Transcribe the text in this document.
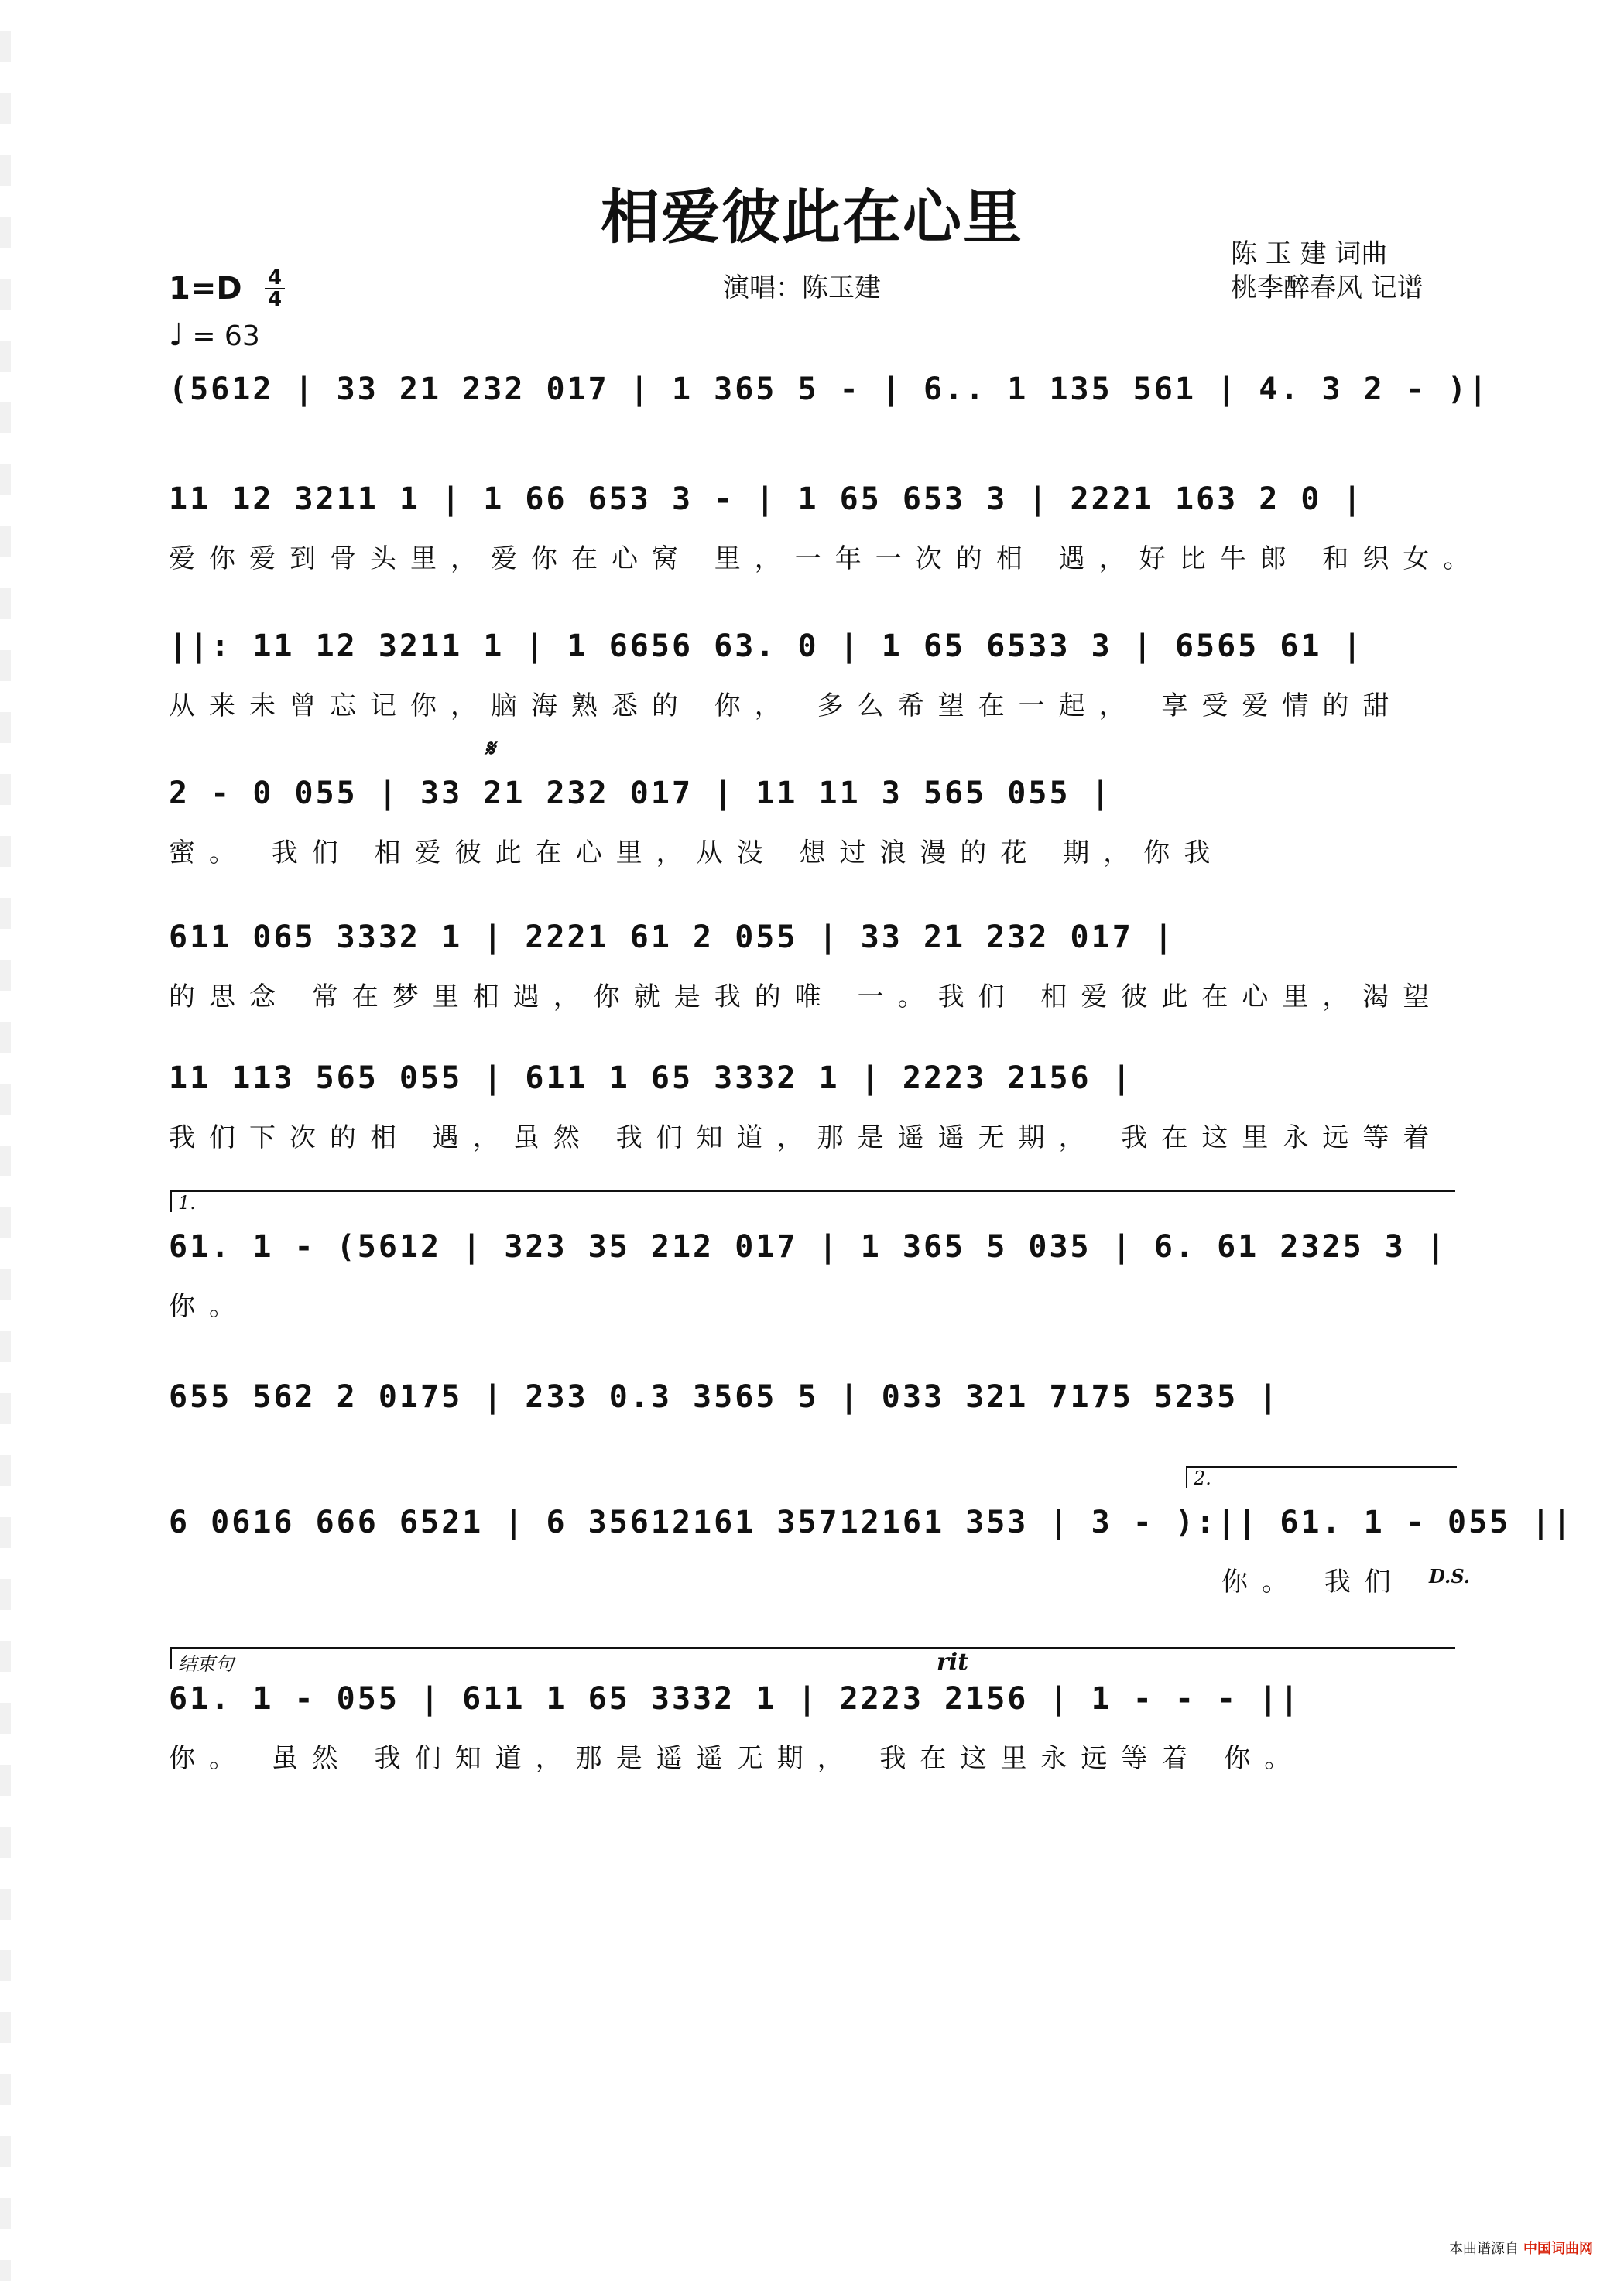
相爱彼此在心里
演唱：陈玉建
陈 玉 建 词曲
桃李醉春风 记谱
1=D 4
4
♩ = 63
(5612 | 33 21 232 017 | 1 365 5 - | 6.. 1 135 561 | 4. 3 2 - )|
11 12 3211 1 | 1 66 653 3 - | 1 65 653 3 | 2221 163 2 0 |
爱你爱到骨头里，爱你在心窝 里，一年一次的相 遇，好比牛郎 和织女。
||: 11 12 3211 1 | 1 6656 63. 0 | 1 65 6533 3 | 6565 61 |
从来未曾忘记你，脑海熟悉的 你， 多么希望在一起， 享受爱情的甜
𝄋
2 - 0 055 | 33 21 232 017 | 11 11 3 565 055 |
蜜。 我们 相爱彼此在心里，从没 想过浪漫的花 期，你我
611 065 3332 1 | 2221 61 2 055 | 33 21 232 017 |
的思念 常在梦里相遇，你就是我的唯 一。我们 相爱彼此在心里，渴望
11 113 565 055 | 611 1 65 3332 1 | 2223 2156 |
我们下次的相 遇，虽然 我们知道，那是遥遥无期， 我在这里永远等着
1.
61. 1 - (5612 | 323 35 212 017 | 1 365 5 035 | 6. 61 2325 3 |
你。
655 562 2 0175 | 233 0.3 3565 5 | 033 321 7175 5235 |
2.
6 0616 666 6521 | 6 35612161 35712161 353 | 3 - ):|| 61. 1 - 055 ||
你。 我们 D.S.
结束句	rit
61. 1 - 055 | 611 1 65 3332 1 | 2223 2156 | 1 - - - ||
你。 虽然 我们知道，那是遥遥无期， 我在这里永远等着 你。
本曲谱源自 中国词曲网
